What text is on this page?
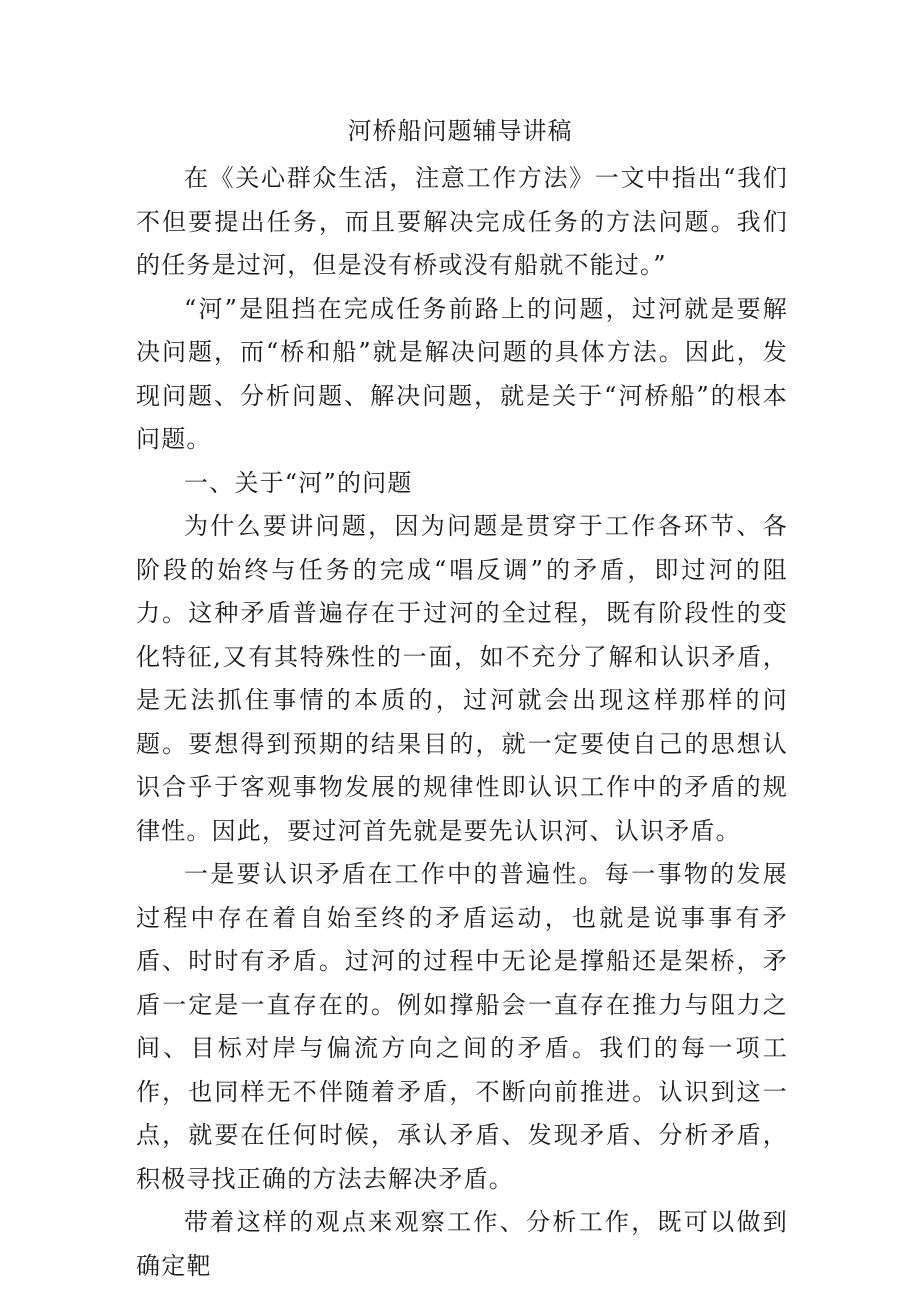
河桥船问题辅导讲稿

在《关心群众生活，注意工作方法》一文中指出“我们不但要提出任务，而且要解决完成任务的方法问题。我们的任务是过河，但是没有桥或没有船就不能过。”

“河”是阻挡在完成任务前路上的问题，过河就是要解决问题，而“桥和船”就是解决问题的具体方法。因此，发现问题、分析问题、解决问题，就是关于“河桥船”的根本问题。

一、关于“河”的问题

为什么要讲问题，因为问题是贯穿于工作各环节、各阶段的始终与任务的完成“唱反调”的矛盾，即过河的阻力。这种矛盾普遍存在于过河的全过程，既有阶段性的变化特征,又有其特殊性的一面，如不充分了解和认识矛盾，是无法抓住事情的本质的，过河就会出现这样那样的问题。要想得到预期的结果目的，就一定要使自己的思想认识合乎于客观事物发展的规律性即认识工作中的矛盾的规律性。因此，要过河首先就是要先认识河、认识矛盾。

一是要认识矛盾在工作中的普遍性。每一事物的发展过程中存在着自始至终的矛盾运动，也就是说事事有矛盾、时时有矛盾。过河的过程中无论是撑船还是架桥，矛盾一定是一直存在的。例如撑船会一直存在推力与阻力之间、目标对岸与偏流方向之间的矛盾。我们的每一项工作，也同样无不伴随着矛盾，不断向前推进。认识到这一点，就要在任何时候，承认矛盾、发现矛盾、分析矛盾，积极寻找正确的方法去解决矛盾。

带着这样的观点来观察工作、分析工作，既可以做到确定靶
